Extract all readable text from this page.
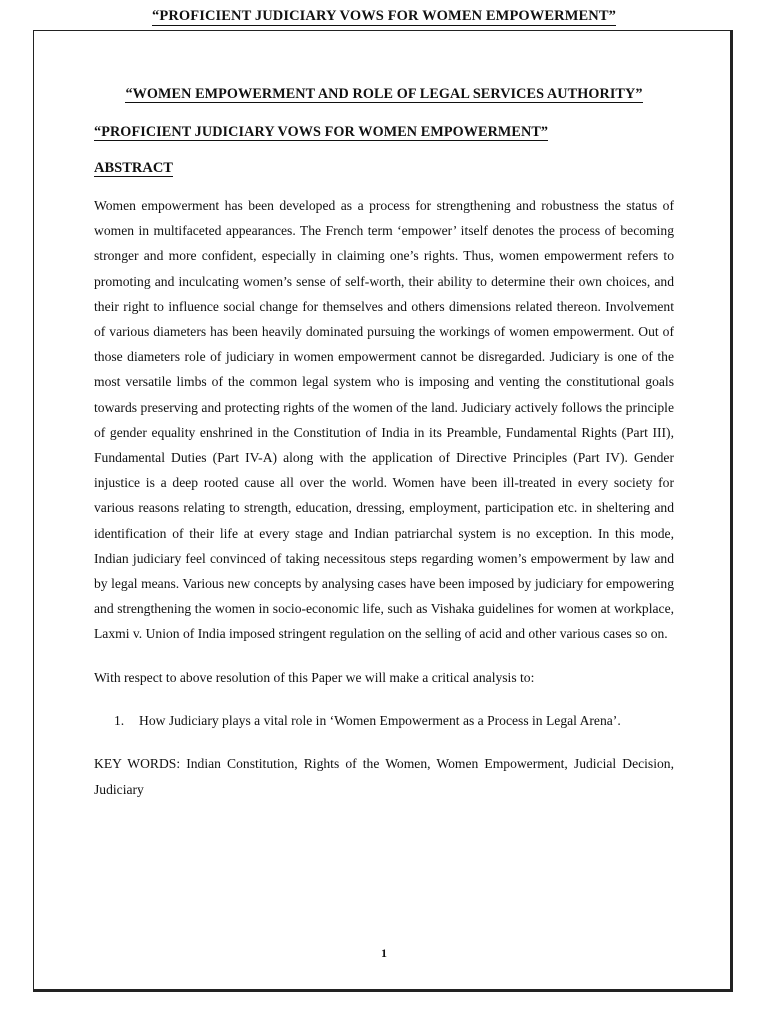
“PROFICIENT JUDICIARY VOWS FOR WOMEN EMPOWERMENT”

“WOMEN EMPOWERMENT AND ROLE OF LEGAL SERVICES AUTHORITY”

“PROFICIENT JUDICIARY VOWS FOR WOMEN EMPOWERMENT”

ABSTRACT
Women empowerment has been developed as a process for strengthening and robustness the status of women in multifaceted appearances. The French term ‘empower’ itself denotes the process of becoming stronger and more confident, especially in claiming one’s rights. Thus, women empowerment refers to promoting and inculcating women’s sense of self-worth, their ability to determine their own choices, and their right to influence social change for themselves and others dimensions related thereon. Involvement of various diameters has been heavily dominated pursuing the workings of women empowerment. Out of those diameters role of judiciary in women empowerment cannot be disregarded. Judiciary is one of the most versatile limbs of the common legal system who is imposing and venting the constitutional goals towards preserving and protecting rights of the women of the land. Judiciary actively follows the principle of gender equality enshrined in the Constitution of India in its Preamble, Fundamental Rights (Part III), Fundamental Duties (Part IV-A) along with the application of Directive Principles (Part IV). Gender injustice is a deep rooted cause all over the world. Women have been ill-treated in every society for various reasons relating to strength, education, dressing, employment, participation etc. in sheltering and identification of their life at every stage and Indian patriarchal system is no exception. In this mode, Indian judiciary feel convinced of taking necessitous steps regarding women’s empowerment by law and by legal means. Various new concepts by analysing cases have been imposed by judiciary for empowering and strengthening the women in socio-economic life, such as Vishaka guidelines for women at workplace, Laxmi v. Union of India imposed stringent regulation on the selling of acid and other various cases so on.
With respect to above resolution of this Paper we will make a critical analysis to:
1.	How Judiciary plays a vital role in ‘Women Empowerment as a Process in Legal Arena’.
KEY WORDS: Indian Constitution, Rights of the Women, Women Empowerment, Judicial Decision, Judiciary
1
